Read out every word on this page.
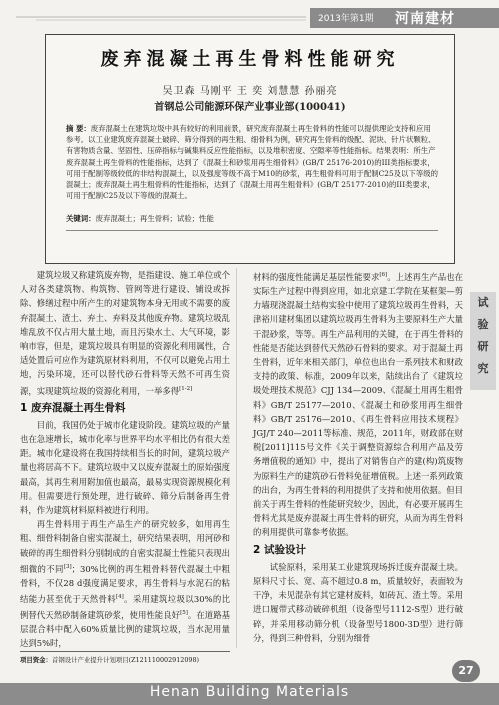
2013年第1期 河南建材
废弃混凝土再生骨料性能研究
吴卫森 马刚平 王 奕 刘慧慧 孙丽亮
首钢总公司能源环保产业事业部(100041)
摘 要：废弃混凝土在建筑垃圾中具有较好的利用前景，研究废弃混凝土再生骨料的性能可以提供理论支持和应用参考。以工业建筑废弃混凝土破碎、筛分得到的再生粗、细骨料为例，研究再生骨料的级配、泥块、针片状颗粒、有害物质含量、坚固性、压碎指标与碱集料反应性能指标，以及堆积密度、空隙率等性能指标。结果表明：所生产废弃混凝土再生骨料的性能指标，达到了《混凝土和砂浆用再生细骨料》(GB/T 25176-2010)的III类指标要求，可用于配制等级较低的非结构混凝土，以及强度等级不高于M10的砂浆，再生粗骨料可用于配制C25及以下等级的混凝土；废弃混凝土再生粗骨料的性能指标，达到了《混凝土用再生粗骨料》(GB/T 25177-2010)的III类要求，可用于配制C25及以下等级的混凝土。
关键词：废弃混凝土；再生骨料；试验；性能

建筑垃圾又称建筑废弃物，是指建设、施工单位或个人对各类建筑物、构筑物、管网等进行建设、铺设或拆除、修缮过程中所产生的对建筑物本身无用或不需要的废弃混凝土、渣土、弃土、弃料及其他废弃物。建筑垃圾乱堆乱放不仅占用大量土地，而且污染水土、大气环境，影响市容，但是，建筑垃圾具有明显的资源化利用属性，合适处置后可应作为建筑原材料利用，不仅可以避免占用土地，污染环境，还可以替代砂石骨料等天然不可再生资源，实现建筑垃圾的资源化利用，一举多得[1-2]

1 废弃混凝土再生骨料

目前，我国仍处于城市化建设阶段。建筑垃圾的产量也在急速增长，城市化率与世界平均水平相比仍有很大差距。城市化建设将在我国持续相当长的时间，建筑垃圾产量也将居高不下。建筑垃圾中又以废弃混凝土的原始强度最高，其再生利用附加值也最高，最易实现资源规模化利用。但需要进行预处理，进行破碎、筛分后制备再生骨料，作为建筑材料原料被进行利用。

再生骨料用于再生产品生产的研究较多，如用再生粗、细骨料制备自密实混凝土，研究结果表明，用河砂和破碎的再生细骨料分别制成的自密实混凝土性能只表现出细微的不同[3]；30%比例的再生粗骨料替代混凝土中粗骨料，不仅28 d强度满足要求，再生骨料与水泥石的粘结能力甚至优于天然骨料[4]。采用建筑垃圾以30%的比例替代天然砂制备建筑砂浆，使用性能良好[5]。在道路基层混合料中配入60%质量比例的建筑垃圾，当水泥用量达到5%时，

材料的强度性能满足基层性能要求[6]。上述再生产品也在实际生产过程中得到应用，如北京建工学院在某框架—剪力墙现浇混凝土结构实验中使用了建筑垃圾再生骨料，天津裕川建材集团以建筑垃圾再生骨料为主要原料生产大量干混砂浆，等等。再生产品利用的关键，在于再生骨料的性能是否能达到替代天然砂石骨料的要求。对于混凝土再生骨料，近年来相关部门，单位也出台一系列技术和财政支持的政策、标准，2009年以来，陆续出台了《建筑垃圾处理技术规范》CJJ 134—2009、《混凝土用再生粗骨料》GB/T 25177—2010、《混凝土和砂浆用再生细骨料》GB/T 25176—2010、《再生骨料应用技术规程》JGJ/T 240—2011等标准、规范，2011年，财政部在财税[2011]115号文件《关于调整资源综合利用产品及劳务增值税的通知》中，提出了对销售自产的建(构)筑废物为原料生产的建筑砂石骨料免征增值税。上述一系列政策的出台，为再生骨料的利用提供了支持和使用依据。但目前关于再生骨料的性能研究较少，因此，有必要开展再生骨料尤其是废弃混凝土再生骨料的研究，从而为再生骨料的利用提供可靠参考依据。

2 试验设计

试验原料，采用某工业建筑现场拆迁废弃混凝土块。原料尺寸长、宽、高不超过0.8 m，质量较好，表面较为干净，未见混杂有其它建材废料，如砖瓦、渣土等。采用进口履带式移动破碎机组（设备型号1112-S型）进行破碎，并采用移动筛分机（设备型号1800-3D型）进行筛分，得到三种骨料，分别为细骨

试
验
研
究
项目资金：首钢设计产业提升计划项目(Z121110002912098)
27
Henan Building Materials
